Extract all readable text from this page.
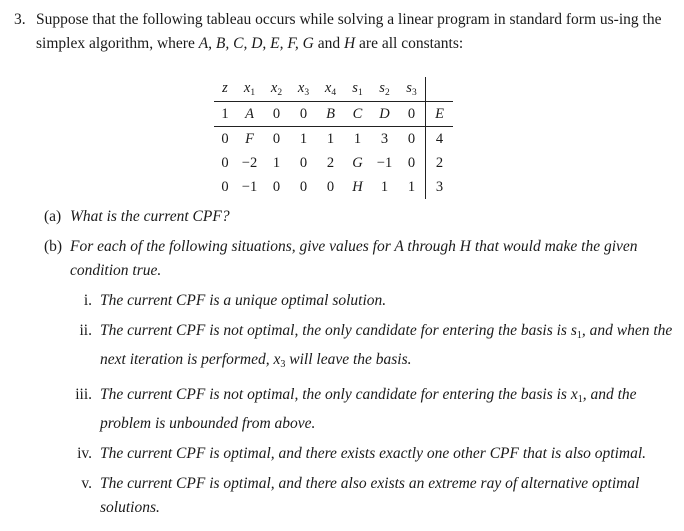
3. Suppose that the following tableau occurs while solving a linear program in standard form us-ing the simplex algorithm, where A, B, C, D, E, F, G and H are all constants:
z	$x_1$	$x_2$	$x_3$	$x_4$	$s_1$	$s_2$	$s_3$	
1	A	0	0	B	C	D	0	E
0	F	0	1	1	1	3	0	4
0	−2	1	0	2	G	−1	0	2
0	−1	0	0	0	H	1	1	3
(a) What is the current CPF?
(b) For each of the following situations, give values for A through H that would make the given condition true.
i. The current CPF is a unique optimal solution.
ii. The current CPF is not optimal, the only candidate for entering the basis is $s_1$, and when the next iteration is performed, $x_3$ will leave the basis.
iii. The current CPF is not optimal, the only candidate for entering the basis is $x_1$, and the problem is unbounded from above.
iv. The current CPF is optimal, and there exists exactly one other CPF that is also optimal.
v. The current CPF is optimal, and there also exists an extreme ray of alternative optimal solutions.
